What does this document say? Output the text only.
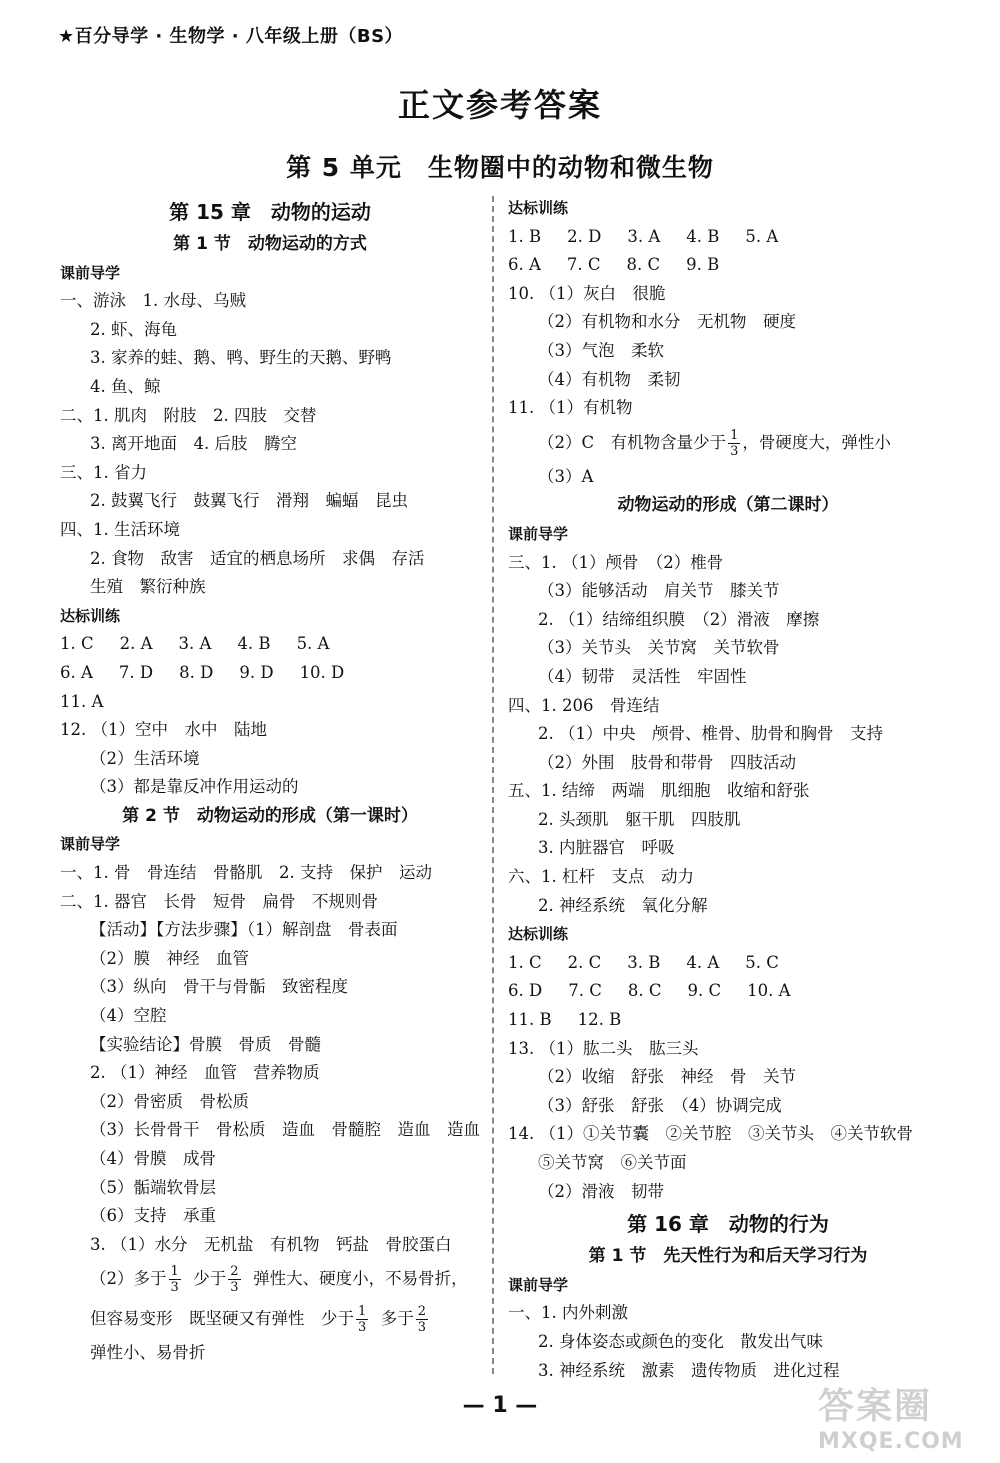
★百分导学 · 生物学 · 八年级上册（BS）
正文参考答案
第 5 单元　生物圈中的动物和微生物
第 15 章　动物的运动
第 1 节　动物运动的方式
课前导学
一、游泳　1. 水母、乌贼
2. 虾、海龟
3. 家养的蛙、鹅、鸭、野生的天鹅、野鸭
4. 鱼、鲸
二、1. 肌肉　附肢　2. 四肢　交替
3. 离开地面　4. 后肢　腾空
三、1. 省力
2. 鼓翼飞行　鼓翼飞行　滑翔　蝙蝠　昆虫
四、1. 生活环境
2. 食物　敌害　适宜的栖息场所　求偶　存活
生殖　繁衍种族
达标训练
1. C 2. A 3. A 4. B 5. A
6. A 7. D 8. D 9. D 10. D
11. A
12. （1）空中　水中　陆地
（2）生活环境
（3）都是靠反冲作用运动的
第 2 节　动物运动的形成（第一课时）
课前导学
一、1. 骨　骨连结　骨骼肌　2. 支持　保护　运动
二、1. 器官　长骨　短骨　扁骨　不规则骨
【活动】【方法步骤】（1）解剖盘　骨表面
（2）膜　神经　血管
（3）纵向　骨干与骨骺　致密程度
（4）空腔
【实验结论】骨膜　骨质　骨髓
2. （1）神经　血管　营养物质
（2）骨密质　骨松质
（3）长骨骨干　骨松质　造血　骨髓腔　造血　造血
（4）骨膜　成骨
（5）骺端软骨层
（6）支持　承重
3. （1）水分　无机盐　有机物　钙盐　骨胶蛋白
（2）多于 $\frac{1}{3}$ 少于 $\frac{2}{3}$ 弹性大、硬度小，不易骨折，
但容易变形　既坚硬又有弹性　少于 $\frac{1}{3}$ 多于 $\frac{2}{3}$
弹性小、易骨折
达标训练
1. B 2. D 3. A 4. B 5. A
6. A 7. C 8. C 9. B
10. （1）灰白　很脆
（2）有机物和水分　无机物　硬度
（3）气泡　柔软
（4）有机物　柔韧
11. （1）有机物
（2）C　有机物含量少于 $\frac{1}{3}$ ，骨硬度大，弹性小
（3）A
动物运动的形成（第二课时）
课前导学
三、1. （1）颅骨　（2）椎骨
（3）能够活动　肩关节　膝关节
2. （1）结缔组织膜　（2）滑液　摩擦
（3）关节头　关节窝　关节软骨
（4）韧带　灵活性　牢固性
四、1. 206　骨连结
2. （1）中央　颅骨、椎骨、肋骨和胸骨　支持
（2）外围　肢骨和带骨　四肢活动
五、1. 结缔　两端　肌细胞　收缩和舒张
2. 头颈肌　躯干肌　四肢肌
3. 内脏器官　呼吸
六、1. 杠杆　支点　动力
2. 神经系统　氧化分解
达标训练
1. C 2. C 3. B 4. A 5. C
6. D 7. C 8. C 9. C 10. A
11. B 12. B
13. （1）肱二头　肱三头
（2）收缩　舒张　神经　骨　关节
（3）舒张　舒张　（4）协调完成
14. （1）①关节囊　②关节腔　③关节头　④关节软骨
⑤关节窝　⑥关节面
（2）滑液　韧带
第 16 章　动物的行为
第 1 节　先天性行为和后天学习行为
课前导学
一、1. 内外刺激
2. 身体姿态或颜色的变化　散发出气味
3. 神经系统　激素　遗传物质　进化过程
— 1 —	答案圈
MXQE.COM
